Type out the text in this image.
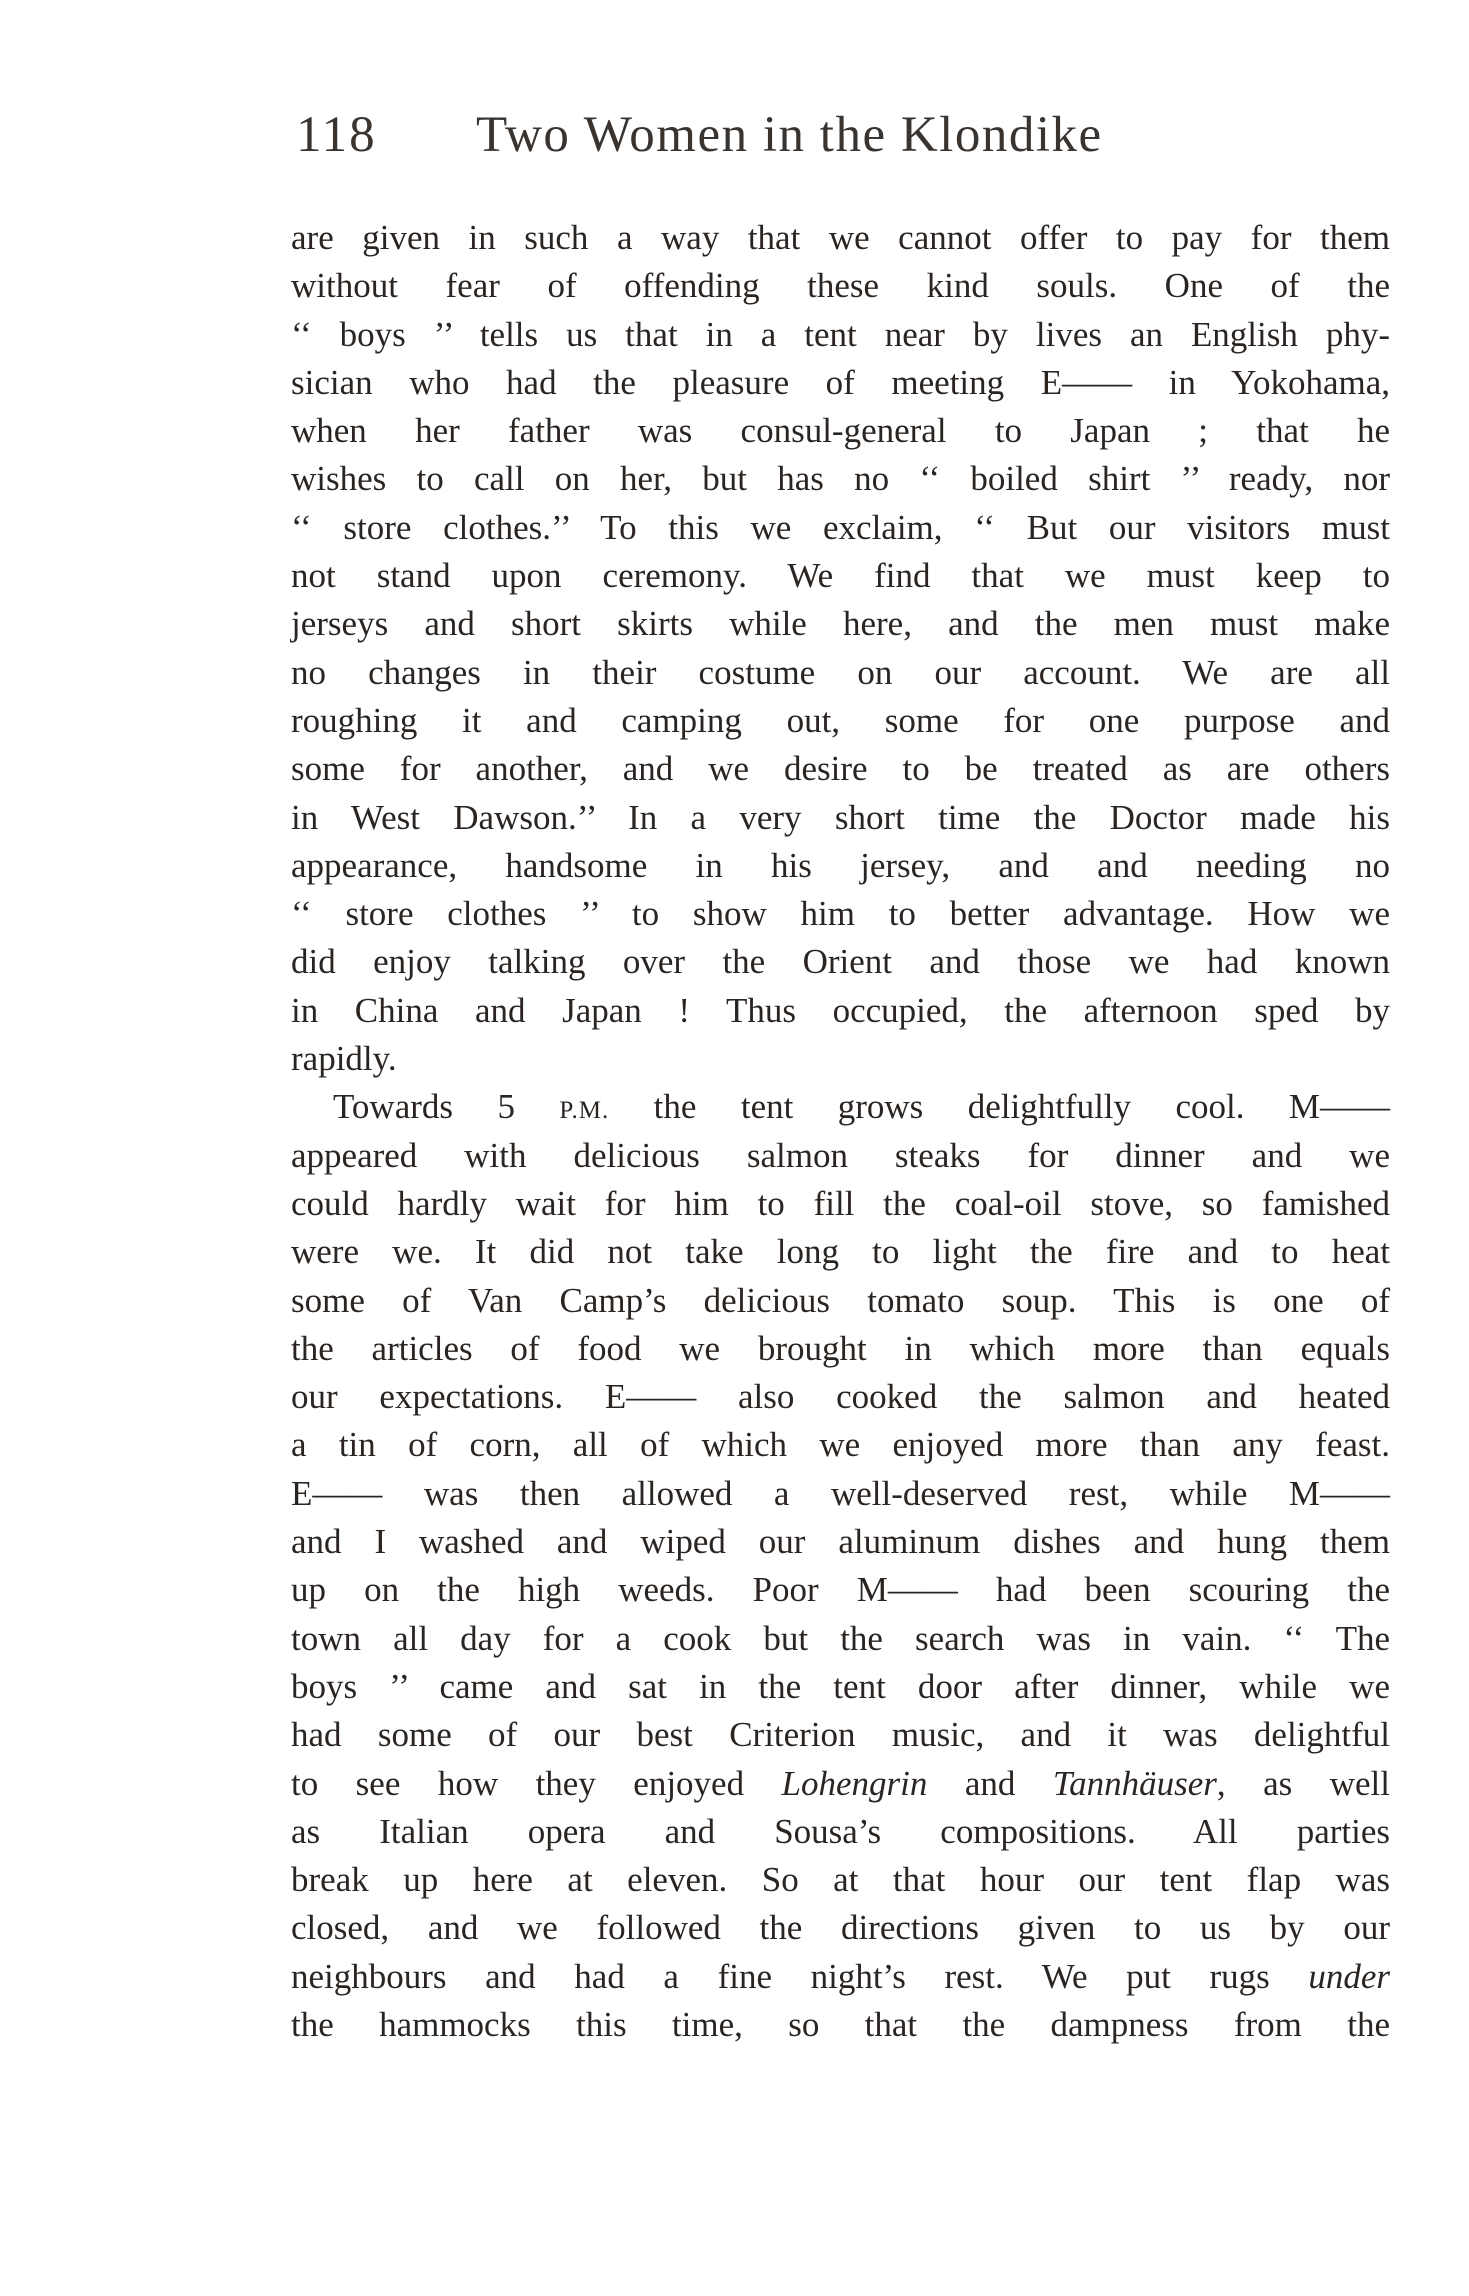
118 Two Women in the Klondike
are given in such a way that we cannot offer to pay for them
without fear of offending these kind souls. One of the
‘‘ boys ’’ tells us that in a tent near by lives an English phy-
sician who had the pleasure of meeting E—— in Yokohama,
when her father was consul-general to Japan ; that he
wishes to call on her, but has no ‘‘ boiled shirt ’’ ready, nor
‘‘ store clothes.’’ To this we exclaim, ‘‘ But our visitors must
not stand upon ceremony. We find that we must keep to
jerseys and short skirts while here, and the men must make
no changes in their costume on our account. We are all
roughing it and camping out, some for one purpose and
some for another, and we desire to be treated as are others
in West Dawson.’’ In a very short time the Doctor made his
appearance, handsome in his jersey, and and needing no
‘‘ store clothes ’’ to show him to better advantage. How we
did enjoy talking over the Orient and those we had known
in China and Japan ! Thus occupied, the afternoon sped by
rapidly.
Towards 5 P.M. the tent grows delightfully cool. M——
appeared with delicious salmon steaks for dinner and we
could hardly wait for him to fill the coal-oil stove, so famished
were we. It did not take long to light the fire and to heat
some of Van Camp’s delicious tomato soup. This is one of
the articles of food we brought in which more than equals
our expectations. E—— also cooked the salmon and heated
a tin of corn, all of which we enjoyed more than any feast.
E—— was then allowed a well-deserved rest, while M——
and I washed and wiped our aluminum dishes and hung them
up on the high weeds. Poor M—— had been scouring the
town all day for a cook but the search was in vain. ‘‘ The
boys ’’ came and sat in the tent door after dinner, while we
had some of our best Criterion music, and it was delightful
to see how they enjoyed Lohengrin and Tannhäuser, as well
as Italian opera and Sousa’s compositions. All parties
break up here at eleven. So at that hour our tent flap was
closed, and we followed the directions given to us by our
neighbours and had a fine night’s rest. We put rugs under
the hammocks this time, so that the dampness from the
